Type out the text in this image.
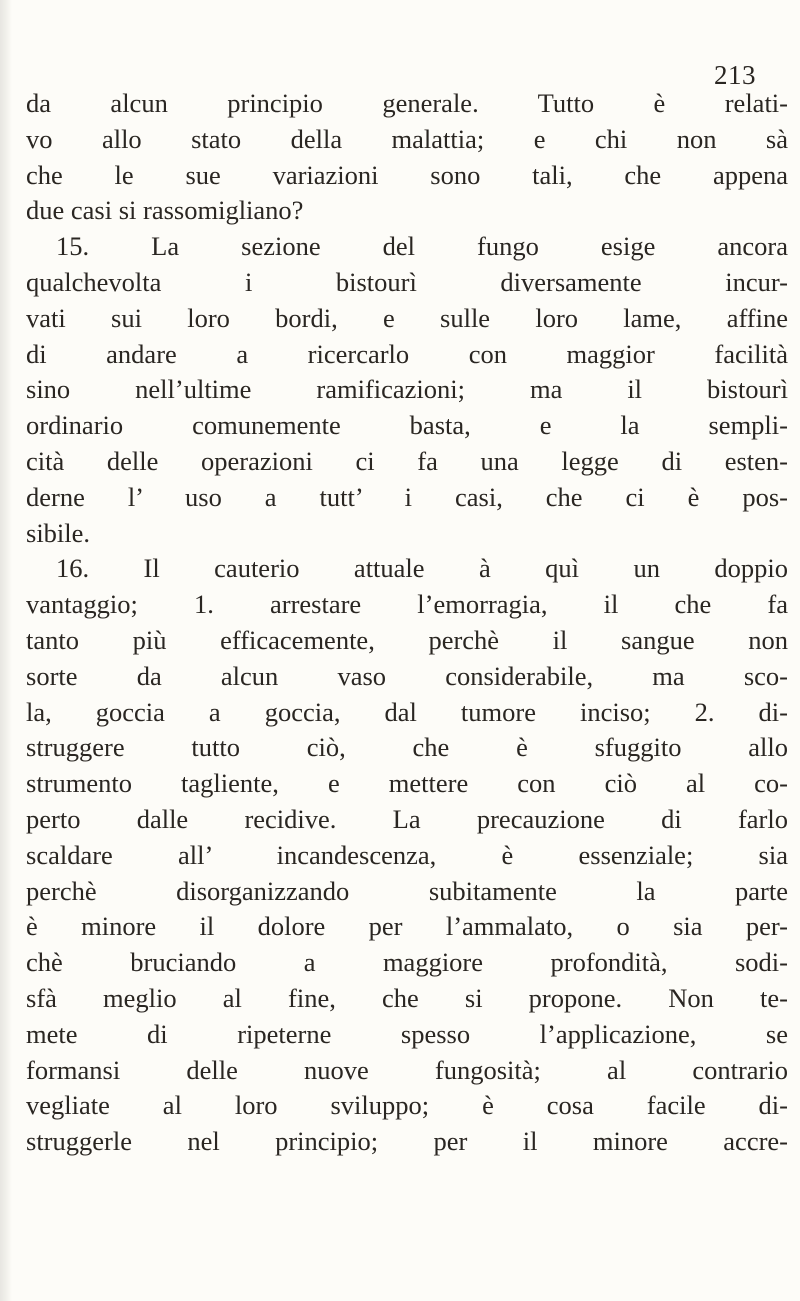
213
da alcun principio generale. Tutto è relati-
vo allo stato della malattia; e chi non sà
che le sue variazioni sono tali, che appena
due casi si rassomigliano?
15. La sezione del fungo esige ancora
qualchevolta i bistourì diversamente incur-
vati sui loro bordi, e sulle loro lame, affine
di andare a ricercarlo con maggior facilità
sino nell’ultime ramificazioni; ma il bistourì
ordinario comunemente basta, e la sempli-
cità delle operazioni ci fa una legge di esten-
derne l’ uso a tutt’ i casi, che ci è pos-
sibile.
16. Il cauterio attuale à quì un doppio
vantaggio; 1. arrestare l’emorragia, il che fa
tanto più efficacemente, perchè il sangue non
sorte da alcun vaso considerabile, ma sco-
la, goccia a goccia, dal tumore inciso; 2. di-
struggere tutto ciò, che è sfuggito allo
strumento tagliente, e mettere con ciò al co-
perto dalle recidive. La precauzione di farlo
scaldare all’ incandescenza, è essenziale; sia
perchè disorganizzando subitamente la parte
è minore il dolore per l’ammalato, o sia per-
chè bruciando a maggiore profondità, sodi-
sfà meglio al fine, che si propone. Non te-
mete di ripeterne spesso l’applicazione, se
formansi delle nuove fungosità; al contrario
vegliate al loro sviluppo; è cosa facile di-
struggerle nel principio; per il minore accre-
